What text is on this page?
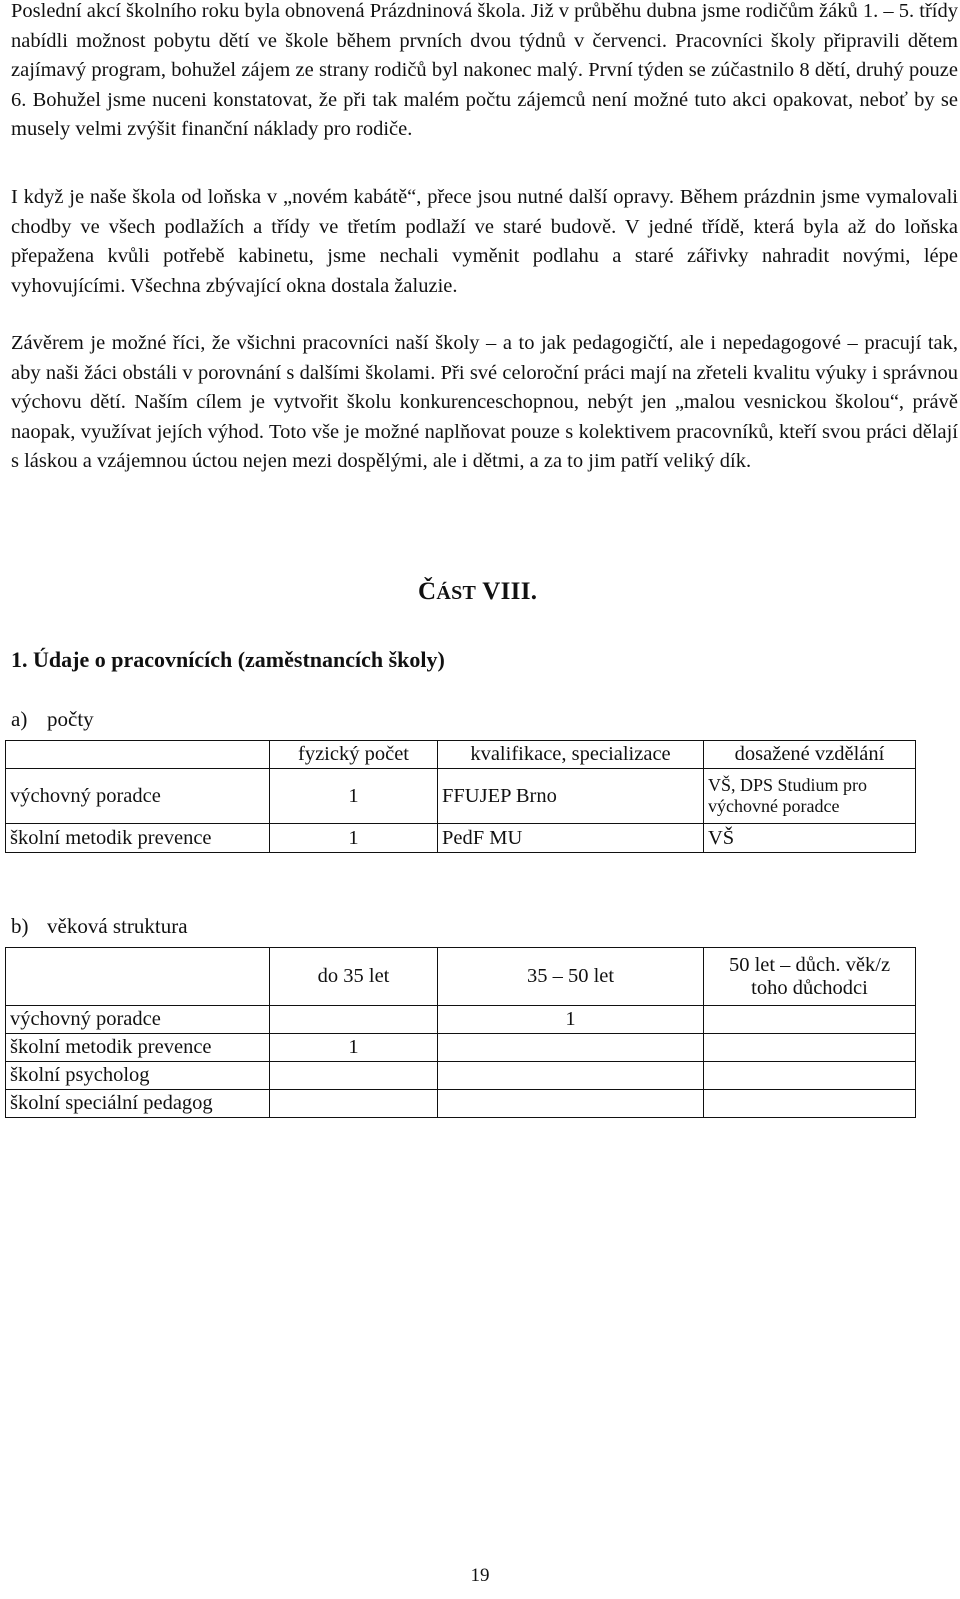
Poslední akcí školního roku byla obnovená Prázdninová škola. Již v průběhu dubna jsme rodičům žáků 1. – 5. třídy nabídli možnost pobytu dětí ve škole během prvních dvou týdnů v červenci. Pracovníci školy připravili dětem zajímavý program, bohužel zájem ze strany rodičů byl nakonec malý. První týden se zúčastnilo 8 dětí, druhý pouze 6. Bohužel jsme nuceni konstatovat, že při tak malém počtu zájemců není možné tuto akci opakovat, neboť by se musely velmi zvýšit finanční náklady pro rodiče.

I když je naše škola od loňska v „novém kabátě“, přece jsou nutné další opravy. Během prázdnin jsme vymalovali chodby ve všech podlažích a třídy ve třetím podlaží ve staré budově. V jedné třídě, která byla až do loňska přepažena kvůli potřebě kabinetu, jsme nechali vyměnit podlahu a staré zářivky nahradit novými, lépe vyhovujícími. Všechna zbývající okna dostala žaluzie.

Závěrem je možné říci, že všichni pracovníci naší školy – a to jak pedagogičtí, ale i nepedagogové – pracují tak, aby naši žáci obstáli v porovnání s dalšími školami. Při své celoroční práci mají na zřeteli kvalitu výuky i správnou výchovu dětí. Naším cílem je vytvořit školu konkurenceschopnou, nebýt jen „malou vesnickou školou“, právě naopak, využívat jejích výhod. Toto vše je možné naplňovat pouze s kolektivem pracovníků, kteří svou práci dělají s láskou a vzájemnou úctou nejen mezi dospělými, ale i dětmi, a za to jim patří veliký dík.

ČÁST VIII.
1. Údaje o pracovnících (zaměstnancích školy)

a) počty

	fyzický počet	kvalifikace, specializace	dosažené vzdělání
výchovný poradce	1	FFUJEP Brno	VŠ, DPS Studium pro
výchovné poradce

školní metodik prevence	1	PedF MU	VŠ

b) věková struktura

	do 35 let	35 – 50 let	50 let – důch. věk/z
toho důchodci

výchovný poradce		1	
školní metodik prevence	1		
školní psycholog			
školní speciální pedagog			
19
